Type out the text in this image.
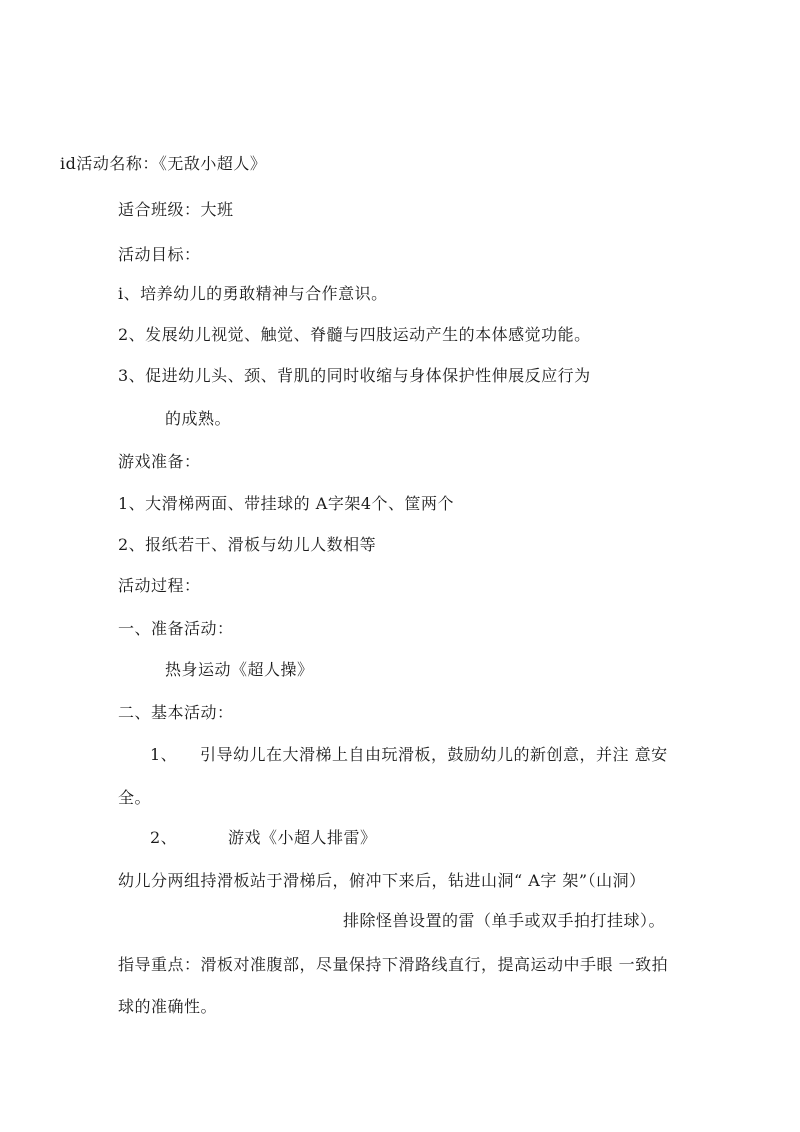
id活动名称：《无敌小超人》
适合班级：大班
活动目标：
i、培养幼儿的勇敢精神与合作意识。
2、发展幼儿视觉、触觉、脊髓与四肢运动产生的本体感觉功能。
3、促进幼儿头、颈、背肌的同时收缩与身体保护性伸展反应行为
的成熟。
游戏准备：
1、大滑梯两面、带挂球的 A字架4个、筐两个
2、报纸若干、滑板与幼儿人数相等
活动过程：
一、准备活动：
热身运动《超人操》
二、基本活动：
1、 引导幼儿在大滑梯上自由玩滑板，鼓励幼儿的新创意，并注 意安
全。
2、	游戏《小超人排雷》
幼儿分两组持滑板站于滑梯后，俯冲下来后，钻进山洞“ A字 架”（山洞）
排除怪兽设置的雷（单手或双手拍打挂球）。
指导重点：滑板对准腹部，尽量保持下滑路线直行，提高运动中手眼 一致拍
球的准确性。
